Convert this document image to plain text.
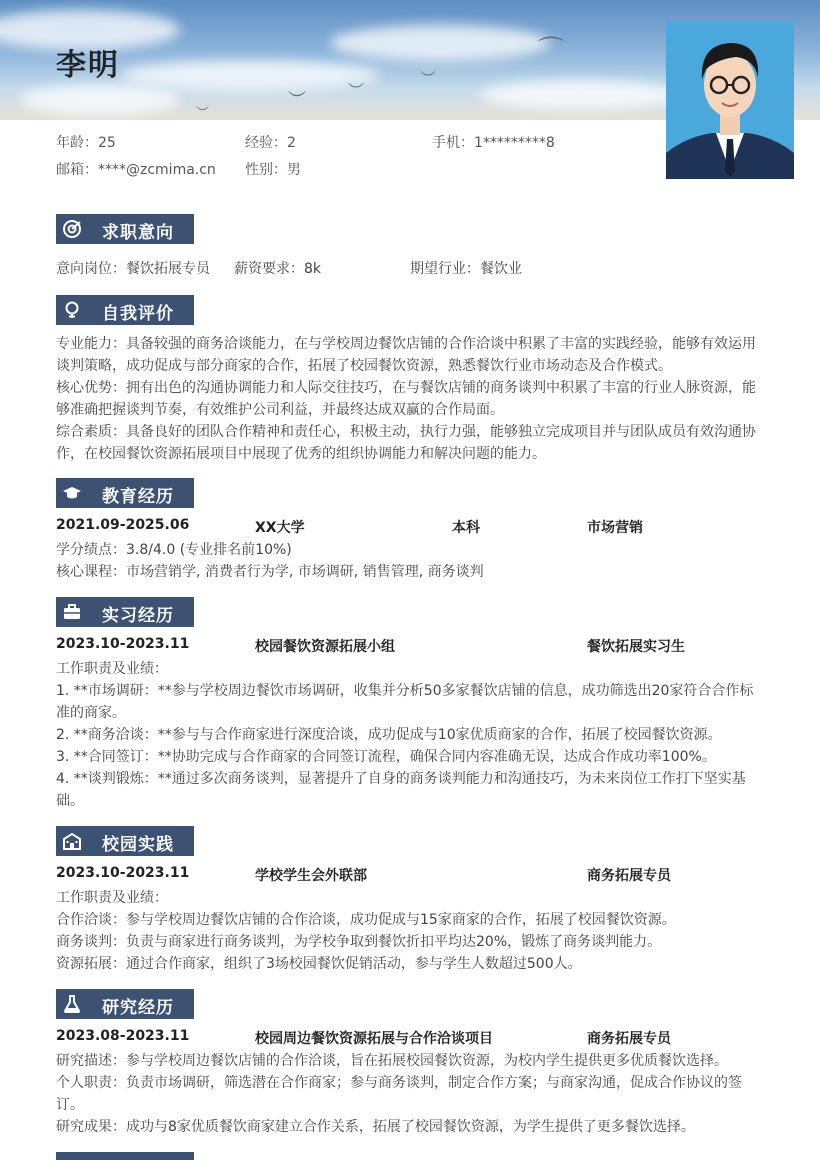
⌒
︶
︶
︶
︶
李明
年龄：25	经验：2	手机：1*********8
邮箱：****@zcmima.cn 性别：男
求职意向
意向岗位：餐饮拓展专员 薪资要求：8k	期望行业：餐饮业
自我评价
专业能力：具备较强的商务洽谈能力，在与学校周边餐饮店铺的合作洽谈中积累了丰富的实践经验，能够有效运用谈判策略，成功促成与部分商家的合作，拓展了校园餐饮资源，熟悉餐饮行业市场动态及合作模式。
核心优势：拥有出色的沟通协调能力和人际交往技巧，在与餐饮店铺的商务谈判中积累了丰富的行业人脉资源，能够准确把握谈判节奏，有效维护公司利益，并最终达成双赢的合作局面。
综合素质：具备良好的团队合作精神和责任心，积极主动，执行力强，能够独立完成项目并与团队成员有效沟通协作，在校园餐饮资源拓展项目中展现了优秀的组织协调能力和解决问题的能力。
教育经历
2021.09-2025.06	XX大学	本科	市场营销
学分绩点：3.8/4.0 (专业排名前10%)
核心课程：市场营销学, 消费者行为学, 市场调研, 销售管理, 商务谈判
实习经历
2023.10-2023.11	校园餐饮资源拓展小组	餐饮拓展实习生
工作职责及业绩：
1. **市场调研：**参与学校周边餐饮市场调研，收集并分析50多家餐饮店铺的信息，成功筛选出20家符合合作标准的商家。
2. **商务洽谈：**参与与合作商家进行深度洽谈，成功促成与10家优质商家的合作，拓展了校园餐饮资源。
3. **合同签订：**协助完成与合作商家的合同签订流程，确保合同内容准确无误，达成合作成功率100%。
4. **谈判锻炼：**通过多次商务谈判，显著提升了自身的商务谈判能力和沟通技巧，为未来岗位工作打下坚实基础。
校园实践
2023.10-2023.11	学校学生会外联部	商务拓展专员
工作职责及业绩：
合作洽谈：参与学校周边餐饮店铺的合作洽谈，成功促成与15家商家的合作，拓展了校园餐饮资源。
商务谈判：负责与商家进行商务谈判，为学校争取到餐饮折扣平均达20%，锻炼了商务谈判能力。
资源拓展：通过合作商家，组织了3场校园餐饮促销活动，参与学生人数超过500人。
研究经历
2023.08-2023.11	校园周边餐饮资源拓展与合作洽谈项目	商务拓展专员
研究描述：参与学校周边餐饮店铺的合作洽谈，旨在拓展校园餐饮资源，为校内学生提供更多优质餐饮选择。
个人职责：负责市场调研，筛选潜在合作商家；参与商务谈判，制定合作方案；与商家沟通，促成合作协议的签订。
研究成果：成功与8家优质餐饮商家建立合作关系，拓展了校园餐饮资源，为学生提供了更多餐饮选择。
